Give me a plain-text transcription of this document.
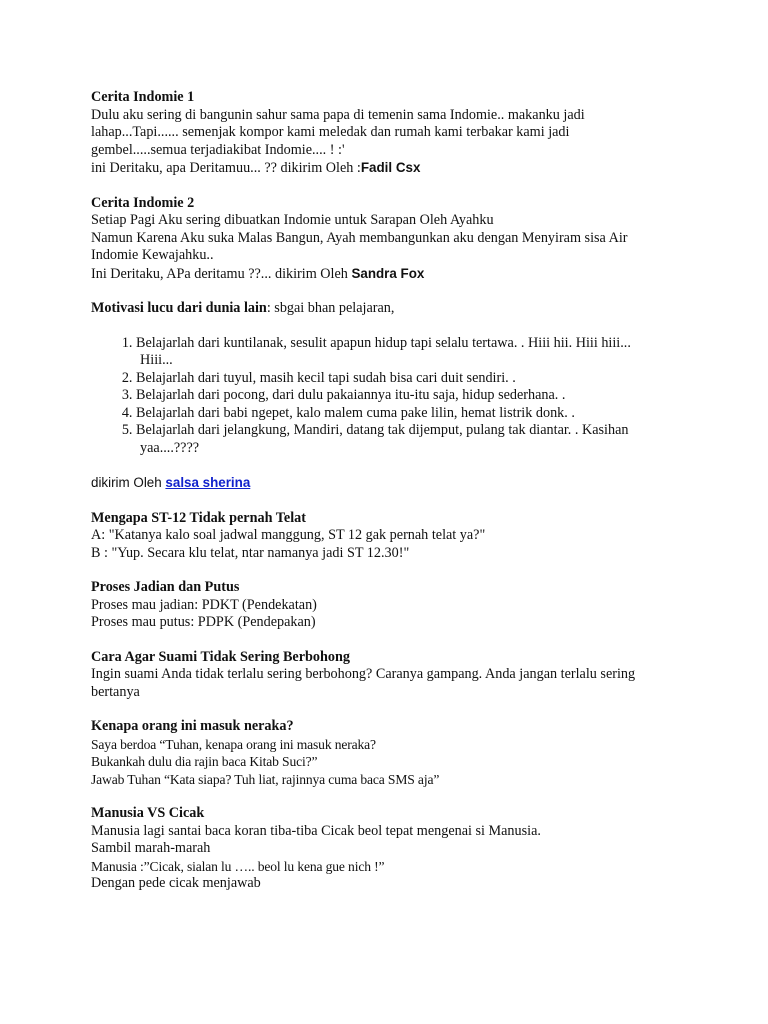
Cerita Indomie 1
Dulu aku sering di bangunin sahur sama papa di temenin sama Indomie.. makanku jadi
lahap...Tapi...... semenjak kompor kami meledak dan rumah kami terbakar kami jadi
gembel.....semua terjadiakibat Indomie.... ! :'
ini Deritaku, apa Deritamuu... ?? dikirim Oleh :Fadil Csx
Cerita Indomie 2
Setiap Pagi Aku sering dibuatkan Indomie untuk Sarapan Oleh Ayahku
Namun Karena Aku suka Malas Bangun, Ayah membangunkan aku dengan Menyiram sisa Air
Indomie Kewajahku..
Ini Deritaku, APa deritamu ??... dikirim Oleh Sandra Fox
Motivasi lucu dari dunia lain: sbgai bhan pelajaran,
1. Belajarlah dari kuntilanak, sesulit apapun hidup tapi selalu tertawa. . Hiii hii. Hiii hiii...
Hiii...
2. Belajarlah dari tuyul, masih kecil tapi sudah bisa cari duit sendiri. .
3. Belajarlah dari pocong, dari dulu pakaiannya itu-itu saja, hidup sederhana. .
4. Belajarlah dari babi ngepet, kalo malem cuma pake lilin, hemat listrik donk. .
5. Belajarlah dari jelangkung, Mandiri, datang tak dijemput, pulang tak diantar. . Kasihan
yaa....????
dikirim Oleh salsa sherina
Mengapa ST-12 Tidak pernah Telat
A: "Katanya kalo soal jadwal manggung, ST 12 gak pernah telat ya?"
B : "Yup. Secara klu telat, ntar namanya jadi ST 12.30!"
Proses Jadian dan Putus
Proses mau jadian: PDKT (Pendekatan)
Proses mau putus: PDPK (Pendepakan)
Cara Agar Suami Tidak Sering Berbohong
Ingin suami Anda tidak terlalu sering berbohong? Caranya gampang. Anda jangan terlalu sering
bertanya
Kenapa orang ini masuk neraka?
Saya berdoa “Tuhan, kenapa orang ini masuk neraka?
Bukankah dulu dia rajin baca Kitab Suci?”
Jawab Tuhan “Kata siapa? Tuh liat, rajinnya cuma baca SMS aja”
Manusia VS Cicak
Manusia lagi santai baca koran tiba-tiba Cicak beol tepat mengenai si Manusia.
Sambil marah-marah
Manusia :”Cicak, sialan lu ….. beol lu kena gue nich !”
Dengan pede cicak menjawab
